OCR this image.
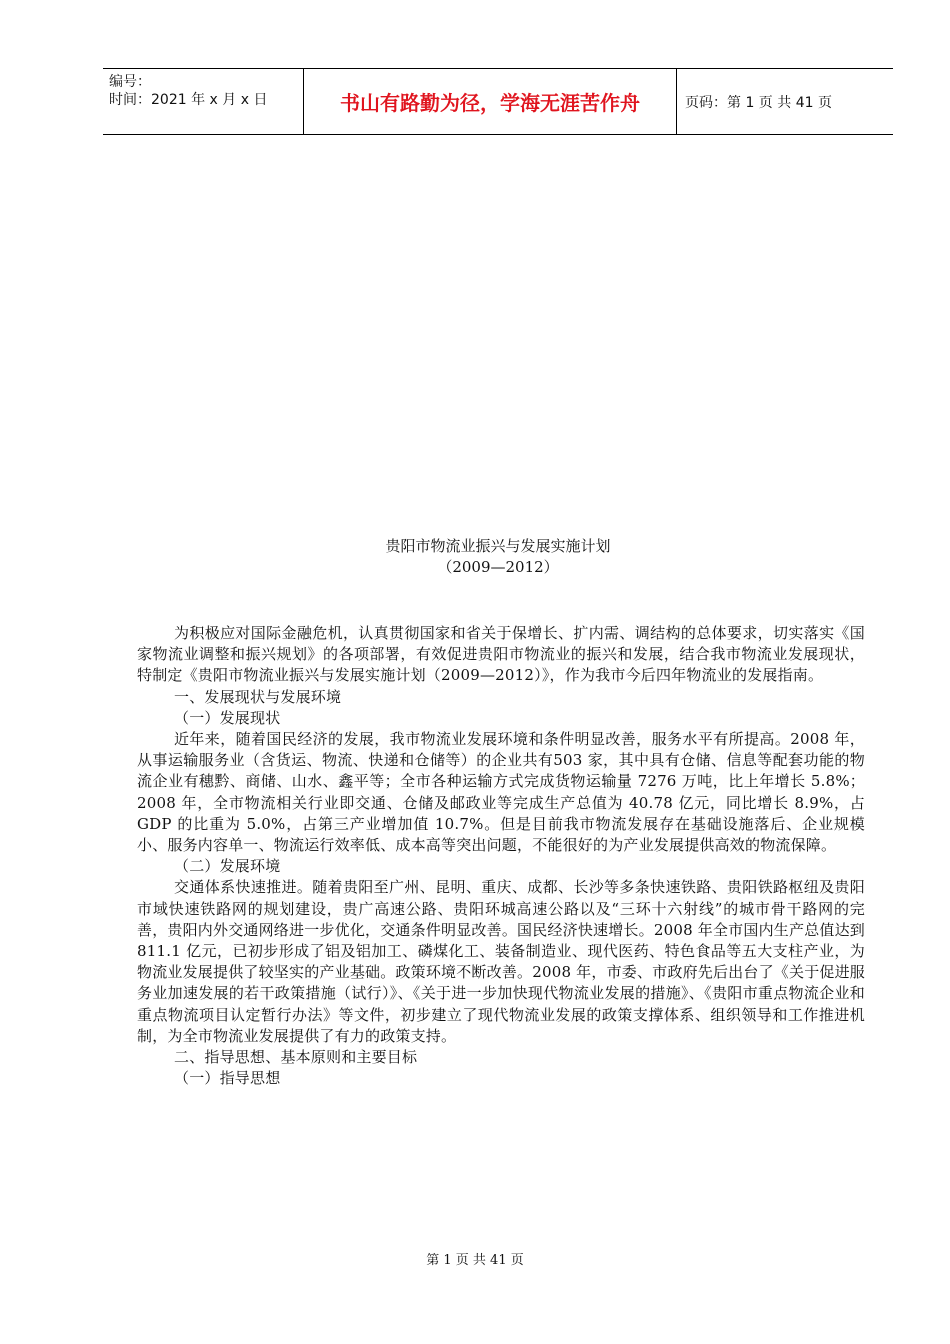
编号：
时间：2021 年 x 月 x 日	书山有路勤为径，学海无涯苦作舟	页码：第 1 页 共 41 页
贵阳市物流业振兴与发展实施计划
（2009—2012）

为积极应对国际金融危机，认真贯彻国家和省关于保增长、扩内需、调结构的总体要求，切实落实《国家物流业调整和振兴规划》的各项部署，有效促进贵阳市物流业的振兴和发展，结合我市物流业发展现状，特制定《贵阳市物流业振兴与发展实施计划（2009—2012）》，作为我市今后四年物流业的发展指南。

一、发展现状与发展环境

（一）发展现状

近年来，随着国民经济的发展，我市物流业发展环境和条件明显改善，服务水平有所提高。2008 年，从事运输服务业（含货运、物流、快递和仓储等）的企业共有503 家，其中具有仓储、信息等配套功能的物流企业有穗黔、商储、山水、鑫平等；全市各种运输方式完成货物运输量 7276 万吨，比上年增长 5.8%；2008 年，全市物流相关行业即交通、仓储及邮政业等完成生产总值为 40.78 亿元，同比增长 8.9%，占 GDP 的比重为 5.0%，占第三产业增加值 10.7%。但是目前我市物流发展存在基础设施落后、企业规模小、服务内容单一、物流运行效率低、成本高等突出问题，不能很好的为产业发展提供高效的物流保障。

（二）发展环境

交通体系快速推进。随着贵阳至广州、昆明、重庆、成都、长沙等多条快速铁路、贵阳铁路枢纽及贵阳市域快速铁路网的规划建设，贵广高速公路、贵阳环城高速公路以及“三环十六射线”的城市骨干路网的完善，贵阳内外交通网络进一步优化，交通条件明显改善。国民经济快速增长。2008 年全市国内生产总值达到 811.1 亿元，已初步形成了铝及铝加工、磷煤化工、装备制造业、现代医药、特色食品等五大支柱产业，为物流业发展提供了较坚实的产业基础。政策环境不断改善。2008 年，市委、市政府先后出台了《关于促进服务业加速发展的若干政策措施（试行）》、《关于进一步加快现代物流业发展的措施》、《贵阳市重点物流企业和重点物流项目认定暂行办法》等文件，初步建立了现代物流业发展的政策支撑体系、组织领导和工作推进机制，为全市物流业发展提供了有力的政策支持。

二、指导思想、基本原则和主要目标

（一）指导思想

第 1 页 共 41 页
